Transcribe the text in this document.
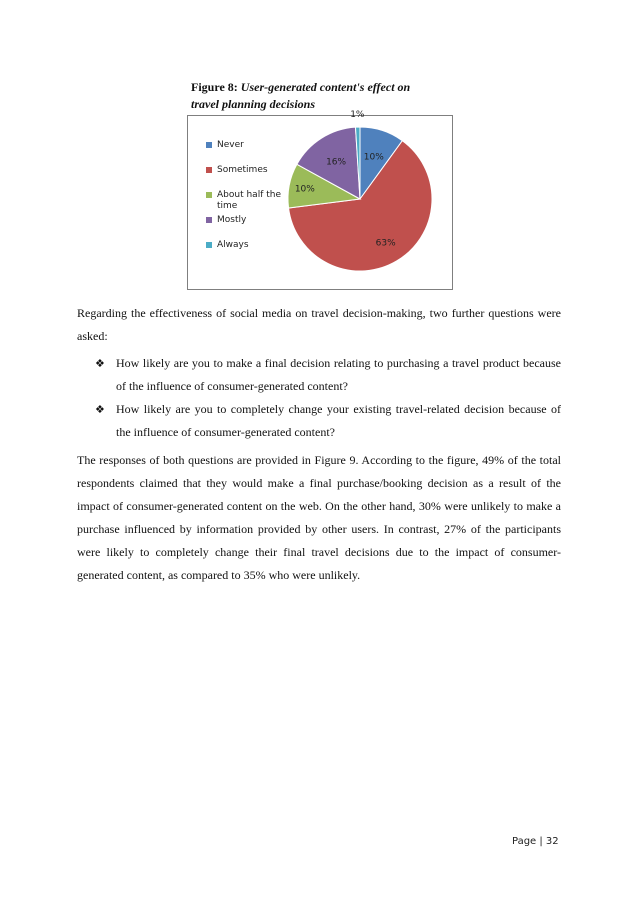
Figure 8: User-generated content's effect on
travel planning decisions
10%
63%
10%
16%
1%
Never
Sometimes
About half the time
Mostly
Always
Regarding the effectiveness of social media on travel decision-making, two further questions were asked:
❖ How likely are you to make a final decision relating to purchasing a travel product because of the influence of consumer-generated content?
❖ How likely are you to completely change your existing travel-related decision because of the influence of consumer-generated content?
The responses of both questions are provided in Figure 9. According to the figure, 49% of the total respondents claimed that they would make a final purchase/booking decision as a result of the impact of consumer-generated content on the web. On the other hand, 30% were unlikely to make a purchase influenced by information provided by other users. In contrast, 27% of the participants were likely to completely change their final travel decisions due to the impact of consumer-generated content, as compared to 35% who were unlikely.
Page | 32
